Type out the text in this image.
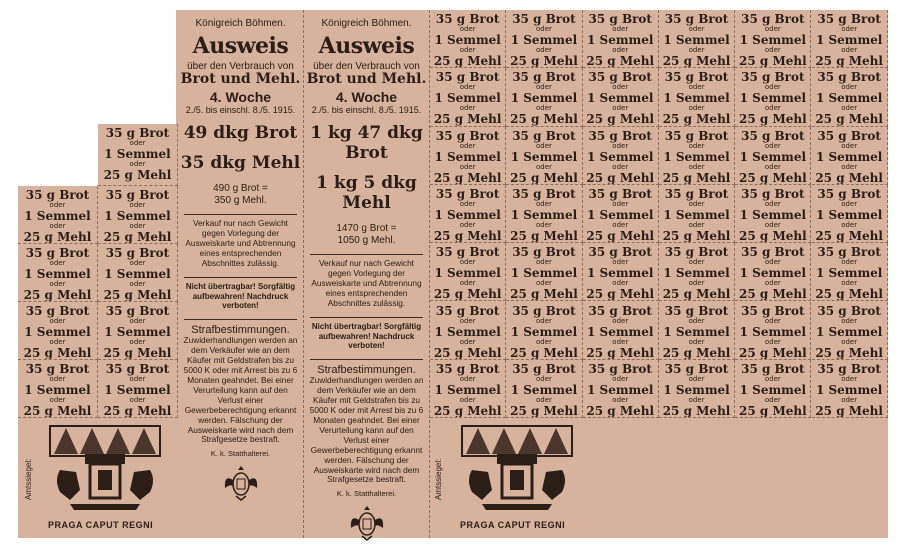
35 g Brot
oder
1 Semmel
oder
25 g Mehl
35 g Brot
oder
1 Semmel
oder
25 g Mehl
35 g Brot
oder
1 Semmel
oder
25 g Mehl
35 g Brot
oder
1 Semmel
oder
25 g Mehl
35 g Brot
oder
1 Semmel
oder
25 g Mehl
35 g Brot
oder
1 Semmel
oder
25 g Mehl
35 g Brot
oder
1 Semmel
oder
25 g Mehl
35 g Brot
oder
1 Semmel
oder
25 g Mehl
35 g Brot
oder
1 Semmel
oder
25 g Mehl
35 g Brot
oder
1 Semmel
oder
25 g Mehl
35 g Brot
oder
1 Semmel
oder
25 g Mehl
35 g Brot
oder
1 Semmel
oder
25 g Mehl
35 g Brot
oder
1 Semmel
oder
25 g Mehl
35 g Brot
oder
1 Semmel
oder
25 g Mehl
35 g Brot
oder
1 Semmel
oder
25 g Mehl
35 g Brot
oder
1 Semmel
oder
25 g Mehl
35 g Brot
oder
1 Semmel
oder
25 g Mehl
35 g Brot
oder
1 Semmel
oder
25 g Mehl
35 g Brot
oder
1 Semmel
oder
25 g Mehl
35 g Brot
oder
1 Semmel
oder
25 g Mehl
35 g Brot
oder
1 Semmel
oder
25 g Mehl
35 g Brot
oder
1 Semmel
oder
25 g Mehl
35 g Brot
oder
1 Semmel
oder
25 g Mehl
35 g Brot
oder
1 Semmel
oder
25 g Mehl
35 g Brot
oder
1 Semmel
oder
25 g Mehl
35 g Brot
oder
1 Semmel
oder
25 g Mehl
35 g Brot
oder
1 Semmel
oder
25 g Mehl
35 g Brot
oder
1 Semmel
oder
25 g Mehl
35 g Brot
oder
1 Semmel
oder
25 g Mehl
35 g Brot
oder
1 Semmel
oder
25 g Mehl
35 g Brot
oder
1 Semmel
oder
25 g Mehl
35 g Brot
oder
1 Semmel
oder
25 g Mehl
35 g Brot
oder
1 Semmel
oder
25 g Mehl
35 g Brot
oder
1 Semmel
oder
25 g Mehl
35 g Brot
oder
1 Semmel
oder
25 g Mehl
35 g Brot
oder
1 Semmel
oder
25 g Mehl
35 g Brot
oder
1 Semmel
oder
25 g Mehl
35 g Brot
oder
1 Semmel
oder
25 g Mehl
35 g Brot
oder
1 Semmel
oder
25 g Mehl
35 g Brot
oder
1 Semmel
oder
25 g Mehl
35 g Brot
oder
1 Semmel
oder
25 g Mehl
35 g Brot
oder
1 Semmel
oder
25 g Mehl
35 g Brot
oder
1 Semmel
oder
25 g Mehl
35 g Brot
oder
1 Semmel
oder
25 g Mehl
35 g Brot
oder
1 Semmel
oder
25 g Mehl
35 g Brot
oder
1 Semmel
oder
25 g Mehl
35 g Brot
oder
1 Semmel
oder
25 g Mehl
35 g Brot
oder
1 Semmel
oder
25 g Mehl
35 g Brot
oder
1 Semmel
oder
25 g Mehl
35 g Brot
oder
1 Semmel
oder
25 g Mehl
35 g Brot
oder
1 Semmel
oder
25 g Mehl
Königreich Böhmen.
Ausweis
über den Verbrauch von
Brot und Mehl.
4. Woche
2./5. bis einschl. 8./5. 1915.
49 dkg Brot
35 dkg Mehl
490 g Brot =
350 g Mehl.
Verkauf nur nach Gewicht gegen Vorlegung der Ausweiskarte und Abtrennung eines entsprechenden Abschnittes zulässig.
Nicht übertragbar! Sorgfältig aufbewahren! Nachdruck verboten!
Strafbestimmungen.
Zuwiderhandlungen werden an dem Verkäufer wie an dem Käufer mit Geldstrafen bis zu 5000 K oder mit Arrest bis zu 6 Monaten geahndet. Bei einer Verurteilung kann auf den Verlust einer Gewerbeberechtigung erkannt werden. Fälschung der Ausweiskarte wird nach dem Strafgesetze bestraft.
K. k. Statthalterei.
Königreich Böhmen.
Ausweis
über den Verbrauch von
Brot und Mehl.
4. Woche
2./5. bis einschl. 8./5. 1915.
1 kg 47 dkg Brot
1 kg 5 dkg Mehl
1470 g Brot =
1050 g Mehl.
Verkauf nur nach Gewicht gegen Vorlegung der Ausweiskarte und Abtrennung eines entsprechenden Abschnittes zulässig.
Nicht übertragbar! Sorgfältig aufbewahren! Nachdruck verboten!
Strafbestimmungen.
Zuwiderhandlungen werden an dem Verkäufer wie an dem Käufer mit Geldstrafen bis zu 5000 K oder mit Arrest bis zu 6 Monaten geahndet. Bei einer Verurteilung kann auf den Verlust einer Gewerbeberechtigung erkannt werden. Fälschung der Ausweiskarte wird nach dem Strafgesetze bestraft.
K. k. Statthalterei.
Amtssiegel:
PRAGA CAPUT REGNI
Amtssiegel:
PRAGA CAPUT REGNI
